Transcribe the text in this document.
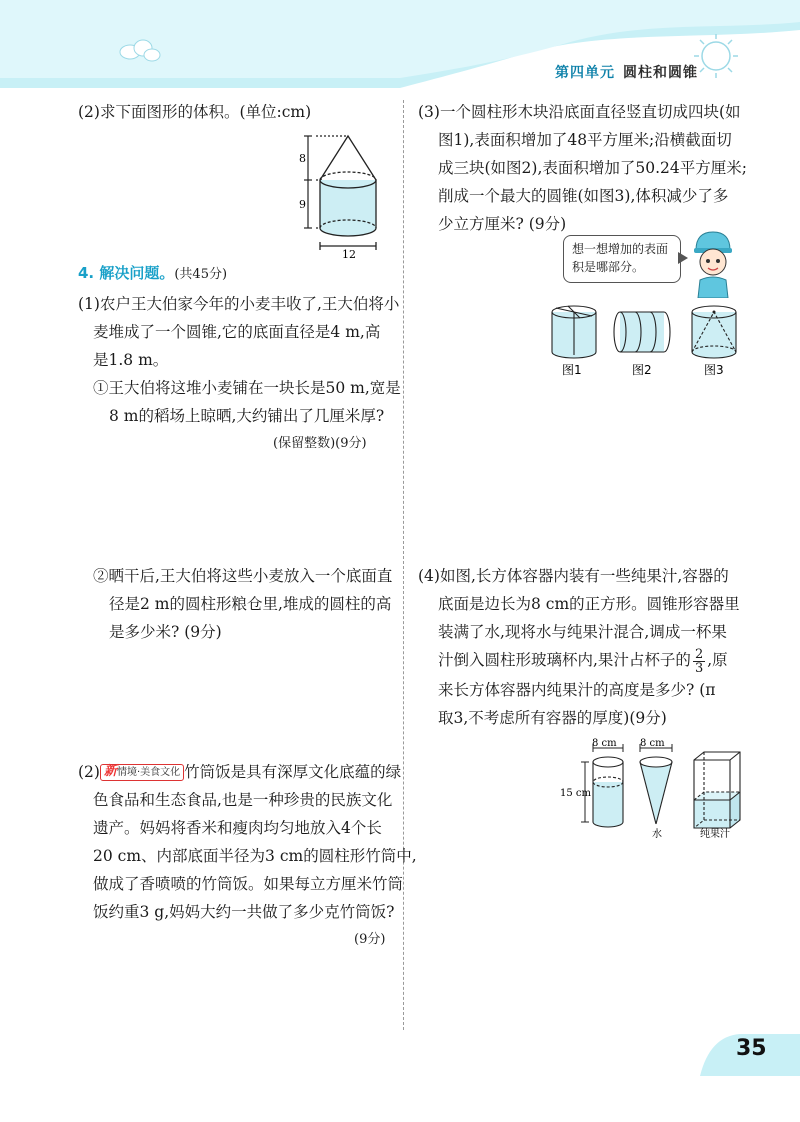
第四单元 圆柱和圆锥
(2)求下面图形的体积。(单位:cm)
8
9
12
4. 解决问题。(共45分)
(1)农户王大伯家今年的小麦丰收了,王大伯将小
麦堆成了一个圆锥,它的底面直径是4 m,高
是1.8 m。
①王大伯将这堆小麦铺在一块长是50 m,宽是
8 m的稻场上晾晒,大约铺出了几厘米厚?
(保留整数)(9分)
②晒干后,王大伯将这些小麦放入一个底面直
径是2 m的圆柱形粮仓里,堆成的圆柱的高
是多少米? (9分)
(2) 新情境·美食文化 竹筒饭是具有深厚文化底蕴的绿
色食品和生态食品,也是一种珍贵的民族文化
遗产。妈妈将香米和瘦肉均匀地放入4个长
20 cm、内部底面半径为3 cm的圆柱形竹筒中,
做成了香喷喷的竹筒饭。如果每立方厘米竹筒
饭约重3 g,妈妈大约一共做了多少克竹筒饭?
(9分)
(3)一个圆柱形木块沿底面直径竖直切成四块(如
图1),表面积增加了48平方厘米;沿横截面切
成三块(如图2),表面积增加了50.24平方厘米;
削成一个最大的圆锥(如图3),体积减少了多
少立方厘米? (9分)
想一想增加的表面
积是哪部分。
图1	图2	图3
(4)如图,长方体容器内装有一些纯果汁,容器的
底面是边长为8 cm的正方形。圆锥形容器里
装满了水,现将水与纯果汁混合,调成一杯果
汁倒入圆柱形玻璃杯内,果汁占杯子的 $\frac{2}{3}$ ,原
来长方体容器内纯果汁的高度是多少? (π
取3,不考虑所有容器的厚度)(9分)
8 cm 8 cm
15 cm
水	纯果汁
35
